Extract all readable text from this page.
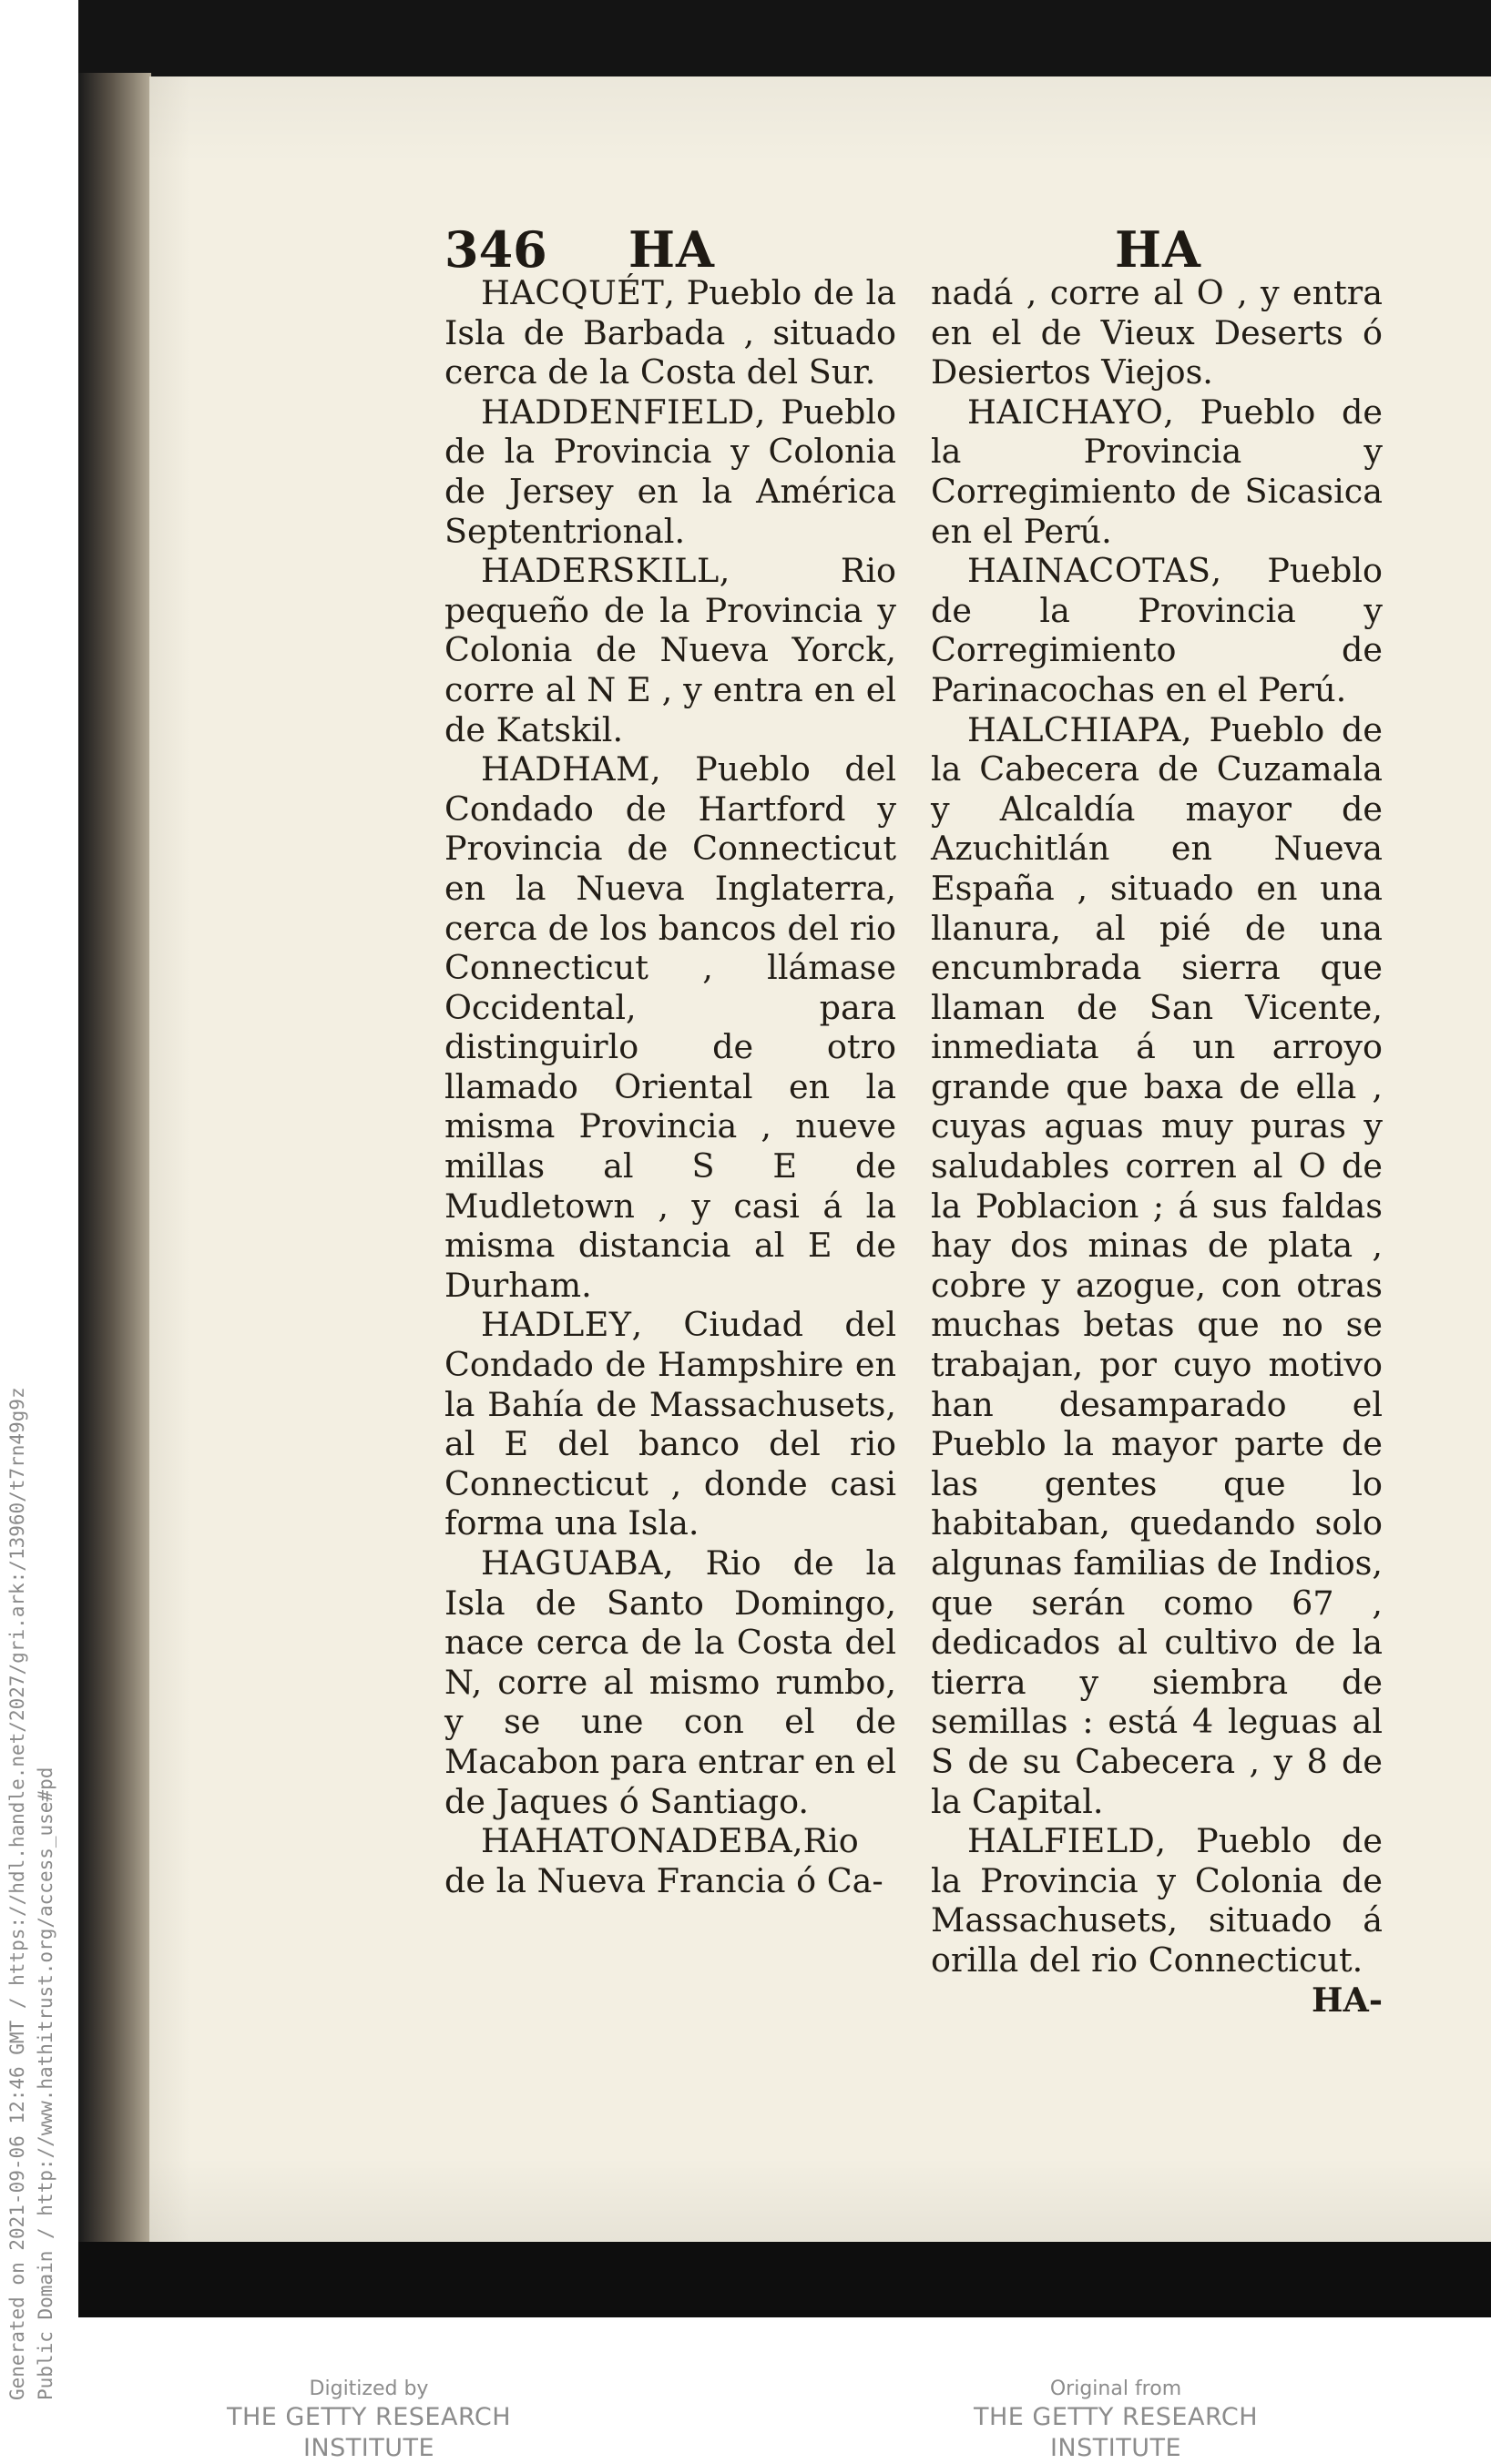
346 HA	HA

HACQUÉT, Pueblo de la Isla de Barbada , situado cerca de la Costa del Sur.

HADDENFIELD, Pueblo de la Provincia y Colonia de Jersey en la América Septentrional.

HADERSKILL, Rio pequeño de la Provincia y Colonia de Nueva Yorck, corre al N E , y entra en el de Katskil.

HADHAM, Pueblo del Condado de Hartford y Provincia de Connecticut en la Nueva Inglaterra, cerca de los bancos del rio Connecticut , llámase Occidental, para distinguirlo de otro llamado Oriental en la misma Provincia , nueve millas al S E de Mudletown , y casi á la misma distancia al E de Durham.

HADLEY, Ciudad del Condado de Hampshire en la Bahía de Massachusets, al E del banco del rio Connecticut , donde casi forma una Isla.

HAGUABA, Rio de la Isla de Santo Domingo, nace cerca de la Costa del N, corre al mismo rumbo, y se une con el de Macabon para entrar en el de Jaques ó Santiago.

HAHATONADEBA,Rio de la Nueva Francia ó Ca-

nadá , corre al O , y entra en el de Vieux Deserts ó Desiertos Viejos.

HAICHAYO, Pueblo de la Provincia y Corregimiento de Sicasica en el Perú.

HAINACOTAS, Pueblo de la Provincia y Corregimiento de Parinacochas en el Perú.

HALCHIAPA, Pueblo de la Cabecera de Cuzamala y Alcaldía mayor de Azuchitlán en Nueva España , situado en una llanura, al pié de una encumbrada sierra que llaman de San Vicente, inmediata á un arroyo grande que baxa de ella , cuyas aguas muy puras y saludables corren al O de la Poblacion ; á sus faldas hay dos minas de plata , cobre y azogue, con otras muchas betas que no se trabajan, por cuyo motivo han desamparado el Pueblo la mayor parte de las gentes que lo habitaban, quedando solo algunas familias de Indios, que serán como 67 , dedicados al cultivo de la tierra y siembra de semillas : está 4 leguas al S de su Cabecera , y 8 de la Capital.

HALFIELD, Pueblo de la Provincia y Colonia de Massachusets, situado á orilla del rio Connecticut.

HA-

Generated on 2021-09-06 12:46 GMT / https://hdl.handle.net/2027/gri.ark:/13960/t7rn49g9z Public Domain / http://www.hathitrust.org/access_use#pd	Digitized by
THE GETTY RESEARCH INSTITUTE
Original from
THE GETTY RESEARCH INSTITUTE
